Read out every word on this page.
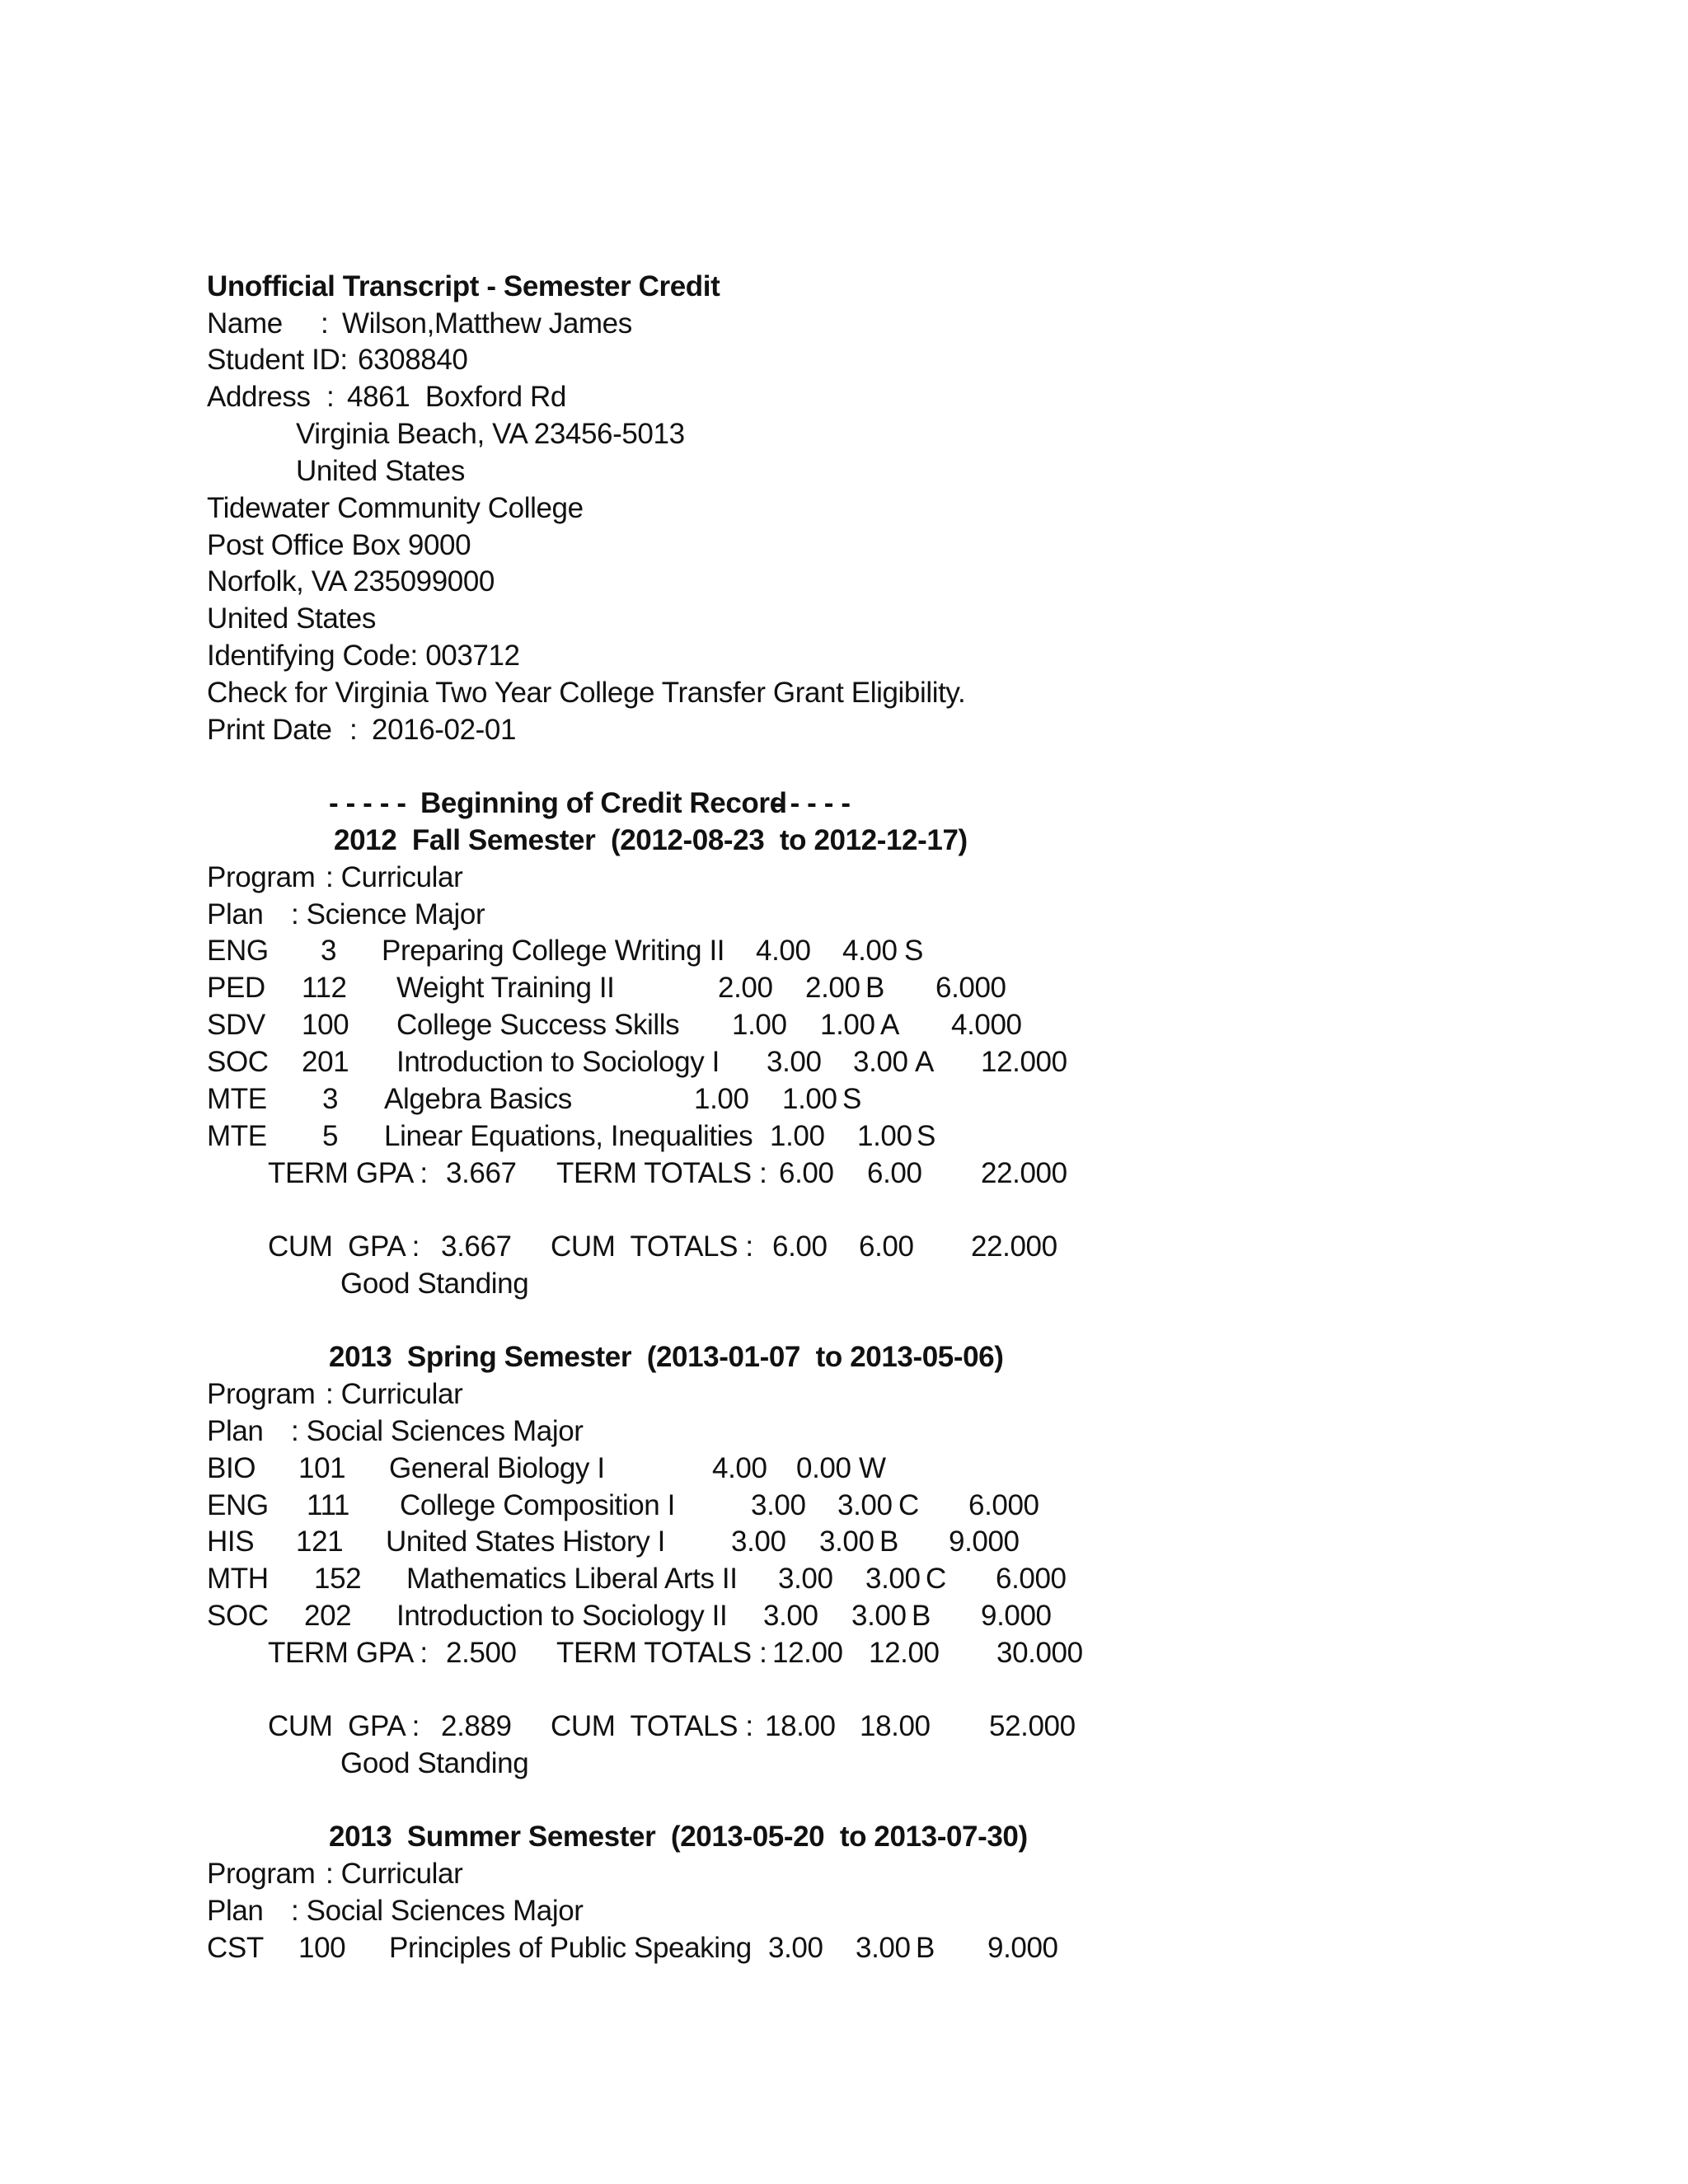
Unofficial Transcript - Semester Credit
Name : Wilson,Matthew James
Student ID: 6308840
Address : 4861  Boxford Rd
Virginia Beach, VA 23456-5013
United States
Tidewater Community College
Post Office Box 9000
Norfolk, VA 235099000
United States
Identifying Code: 003712
Check for Virginia Two Year College Transfer Grant Eligibility.
Print Date : 2016-02-01
- - - - - Beginning of Credit Record
- - - - -
2012  Fall Semester  (2012-08-23  to 2012-12-17)
Program : Curricular
Plan : Science Major
ENG 3 Preparing College Writing II 4.00 4.00 S
PED 112 Weight Training II	2.00 2.00 B 6.000
SDV 100 College Success Skills 1.00 1.00 A 4.000
SOC 201 Introduction to Sociology I 3.00 3.00 A 12.000
MTE 3 Algebra Basics	1.00 1.00 S
MTE 5 Linear Equations, Inequalities 1.00 1.00 S
TERM GPA : 3.667 TERM TOTALS : 6.00 6.00 22.000
CUM  GPA : 3.667 CUM  TOTALS : 6.00 6.00 22.000
Good Standing
2013  Spring Semester  (2013-01-07  to 2013-05-06)
Program : Curricular
Plan : Social Sciences Major
BIO 101 General Biology I	4.00 0.00 W
ENG 111 College Composition I	3.00 3.00 C 6.000
HIS 121 United States History I 3.00 3.00 B 9.000
MTH 152 Mathematics Liberal Arts II 3.00 3.00 C 6.000
SOC 202 Introduction to Sociology II 3.00 3.00 B 9.000
TERM GPA : 2.500 TERM TOTALS : 12.00 12.00 30.000
CUM  GPA : 2.889 CUM  TOTALS : 18.00 18.00 52.000
Good Standing
2013  Summer Semester  (2013-05-20  to 2013-07-30)
Program : Curricular
Plan : Social Sciences Major
CST 100 Principles of Public Speaking 3.00 3.00 B 9.000
